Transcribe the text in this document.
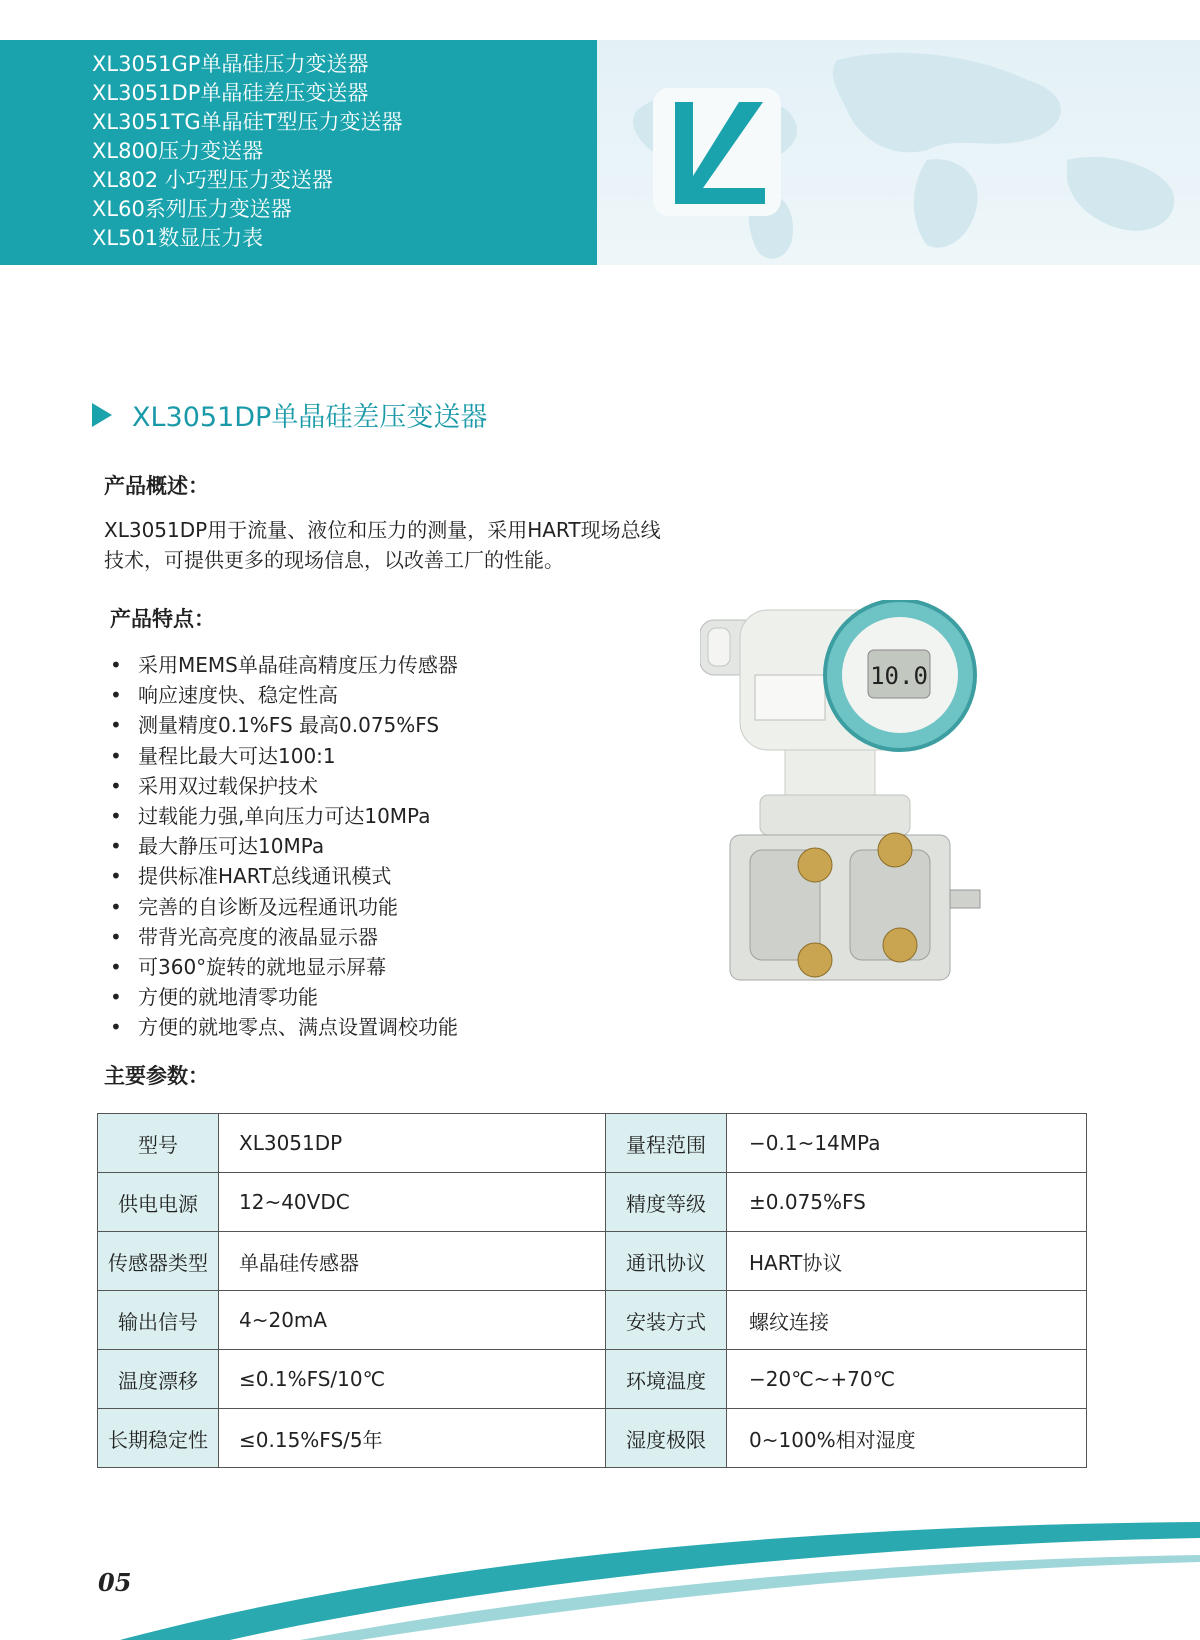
XL3051GP单晶硅压力变送器
XL3051DP单晶硅差压变送器
XL3051TG单晶硅T型压力变送器
XL800压力变送器
XL802 小巧型压力变送器
XL60系列压力变送器
XL501数显压力表
XL3051DP单晶硅差压变送器
产品概述：

XL3051DP用于流量、液位和压力的测量，采用HART现场总线
技术，可提供更多的现场信息，以改善工厂的性能。

产品特点：
• 采用MEMS单晶硅高精度压力传感器
• 响应速度快、稳定性高
• 测量精度0.1%FS 最高0.075%FS
• 量程比最大可达100:1
• 采用双过载保护技术
• 过载能力强,单向压力可达10MPa
• 最大静压可达10MPa
• 提供标准HART总线通讯模式
• 完善的自诊断及远程通讯功能
• 带背光高亮度的液晶显示器
• 可360°旋转的就地显示屏幕
• 方便的就地清零功能
• 方便的就地零点、满点设置调校功能
10.0
主要参数：
型号	XL3051DP	量程范围	−0.1~14MPa
供电电源	12~40VDC	精度等级	±0.075%FS
传感器类型	单晶硅传感器	通讯协议	HART协议
输出信号	4~20mA	安装方式	螺纹连接
温度漂移	≤0.1%FS/10℃	环境温度	−20℃~+70℃
长期稳定性	≤0.15%FS/5年	湿度极限	0~100%相对湿度
05
